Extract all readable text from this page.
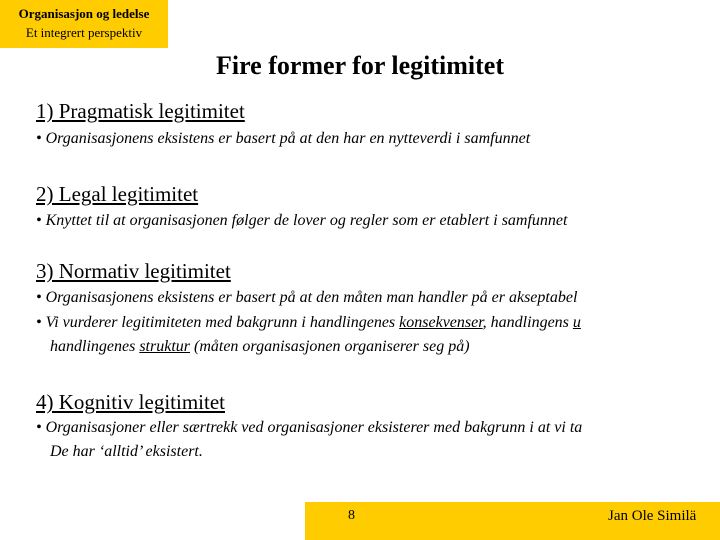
Organisasjon og ledelse
Et integrert perspektiv
Fire former for legitimitet
1) Pragmatisk legitimitet
• Organisasjonens eksistens er basert på at den har en nytteverdi i samfunnet
2) Legal legitimitet
• Knyttet til at organisasjonen følger de lover og regler som er etablert i samfunnet
3) Normativ legitimitet
• Organisasjonens eksistens er basert på at den måten man handler på er akseptabel
• Vi vurderer legitimiteten med bakgrunn i handlingenes konsekvenser, handlingens u
handlingenes struktur (måten organisasjonen organiserer seg på)
4) Kognitiv legitimitet
• Organisasjoner eller særtrekk ved organisasjoner eksisterer med bakgrunn i at vi ta
De har ‘alltid’ eksistert.
8	Jan Ole Similä
